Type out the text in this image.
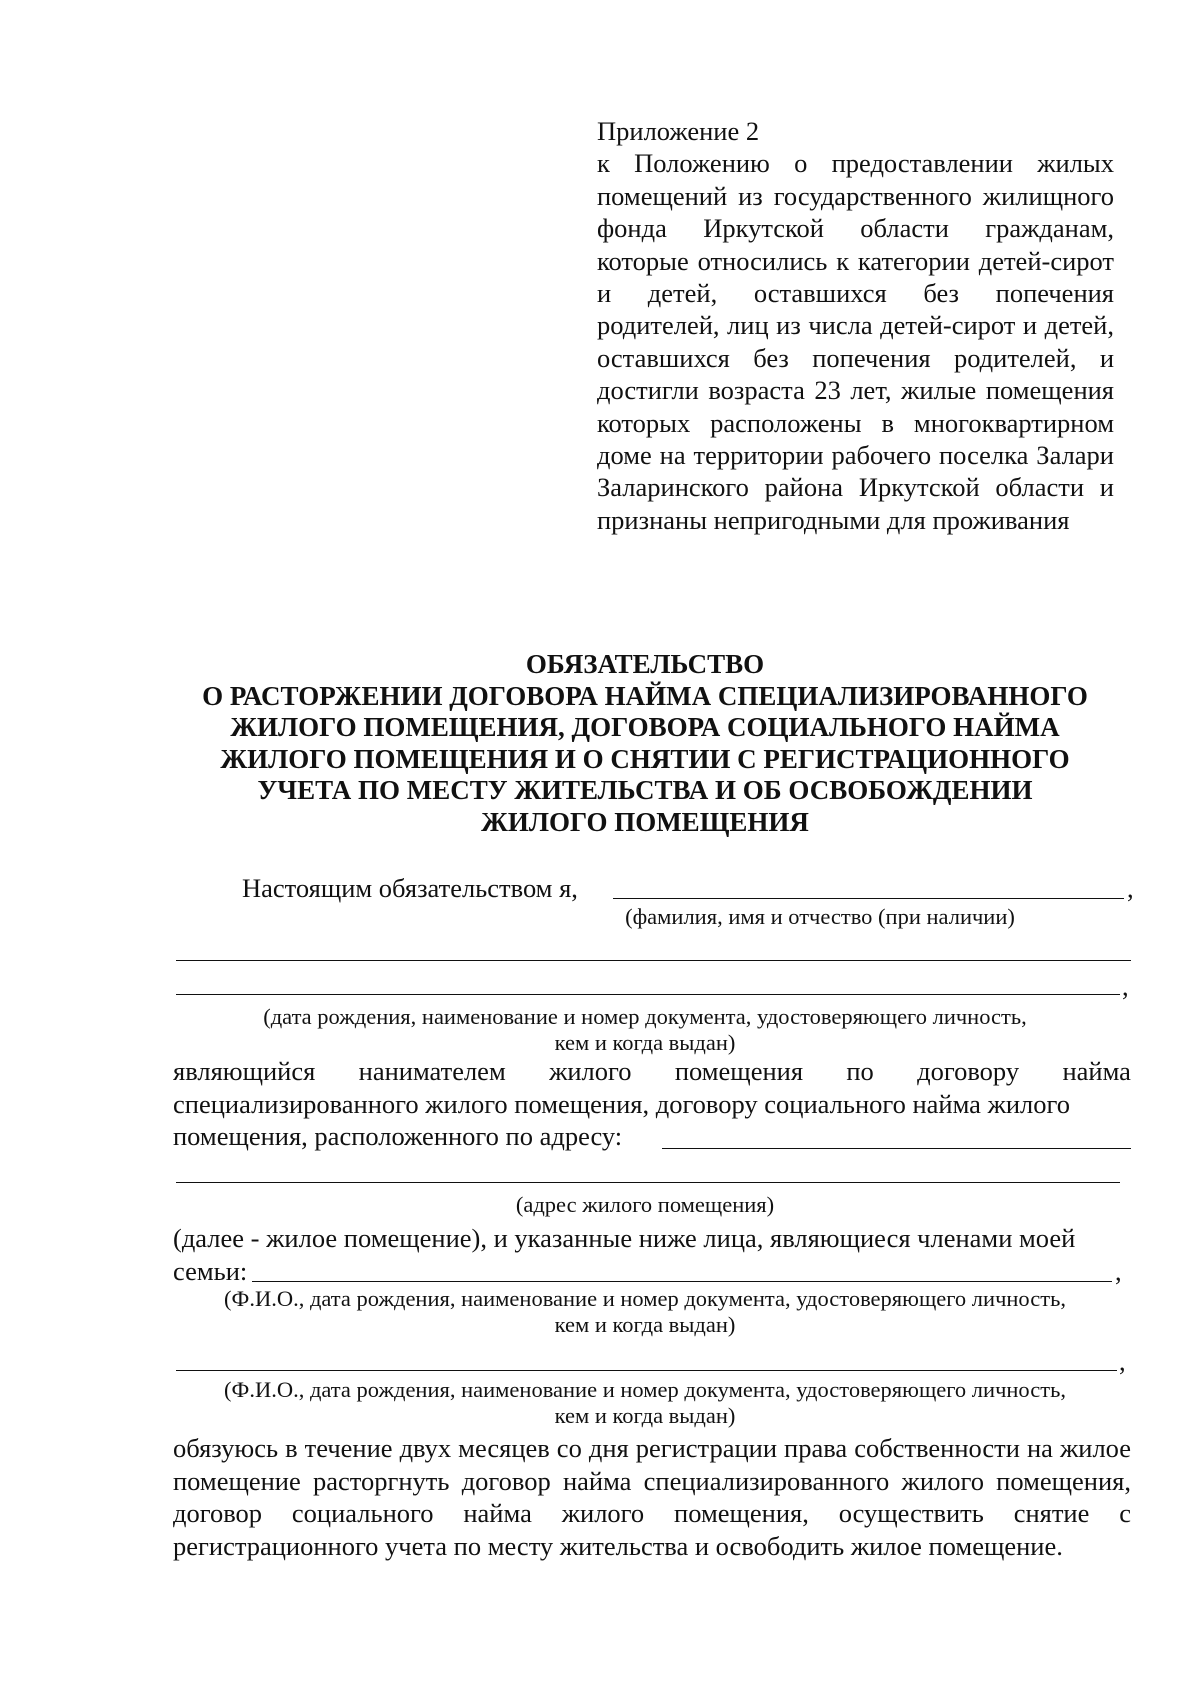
Приложение 2
к Положению о предоставлении жилых помещений из государственного жилищного фонда Иркутской области гражданам, которые относились к категории детей-сирот и детей, оставшихся без попечения родителей, лиц из числа детей-сирот и детей, оставшихся без попечения родителей, и достигли возраста 23 лет, жилые помещения которых расположены в многоквартирном доме на территории рабочего поселка Залари Заларинского района Иркутской области и признаны непригодными для проживания
ОБЯЗАТЕЛЬСТВО
О РАСТОРЖЕНИИ ДОГОВОРА НАЙМА СПЕЦИАЛИЗИРОВАННОГО
ЖИЛОГО ПОМЕЩЕНИЯ, ДОГОВОРА СОЦИАЛЬНОГО НАЙМА
ЖИЛОГО ПОМЕЩЕНИЯ И О СНЯТИИ С РЕГИСТРАЦИОННОГО
УЧЕТА ПО МЕСТУ ЖИТЕЛЬСТВА И ОБ ОСВОБОЖДЕНИИ
ЖИЛОГО ПОМЕЩЕНИЯ
Настоящим обязательством я,	,
(фамилия, имя и отчество (при наличии)
,
(дата рождения, наименование и номер документа, удостоверяющего личность,
кем и когда выдан)
являющийся нанимателем жилого помещения по договору найма
специализированного жилого помещения, договору социального найма жилого
помещения, расположенного по адресу:
(адрес жилого помещения)
(далее - жилое помещение), и указанные ниже лица, являющиеся членами моей
семьи:	,
(Ф.И.О., дата рождения, наименование и номер документа, удостоверяющего личность,
кем и когда выдан)
,
(Ф.И.О., дата рождения, наименование и номер документа, удостоверяющего личность,
кем и когда выдан)
обязуюсь в течение двух месяцев со дня регистрации права собственности на жилое помещение расторгнуть договор найма специализированного жилого помещения, договор социального найма жилого помещения, осуществить снятие с регистрационного учета по месту жительства и освободить жилое помещение.
